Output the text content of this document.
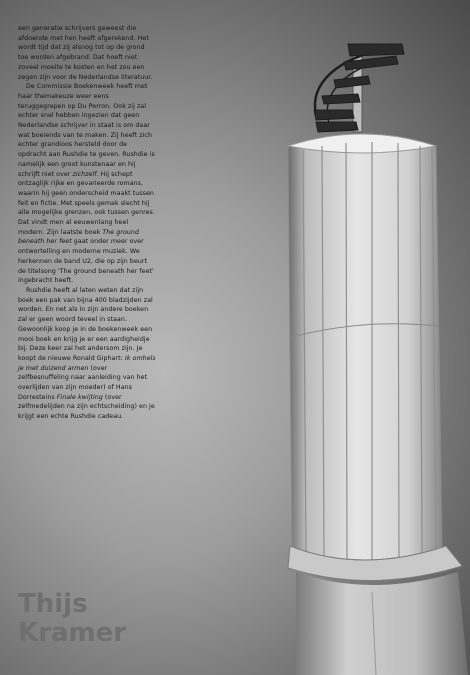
een generatie schrijvers geweest die afdoende met hen heeft afgerekend. Het wordt tijd dat zij alsnog tot op de grond toe worden afgebrand. Dat hoeft niet zoveel moeite te kosten en het zou een zegen zijn voor de Nederlandse literatuur.

De Commissie Boekenweek heeft met haar themakeuze weer eens teruggegrepen op Du Perron. Ook zij zal echter snel hebben ingezien dat geen Nederlandse schrijver in staat is om daar wat boeiends van te maken. Zij heeft zich echter grandioos hersteld door de opdracht aan Rushdie te geven. Rushdie is namelijk een groot kunstenaar en hij schrijft niet over zichzelf. Hij schept ontzaglijk rijke en gevarieerde romans, waarin hij geen onderscheid maakt tussen feit en fictie. Met speels gemak slecht hij alle mogelijke grenzen, ook tussen genres. Dat vindt men al eeuwenlang heel modern. Zijn laatste boek The ground beneath her feet gaat onder meer over ontwortelling en moderne muziek. We herkennen de band U2, die op zijn beurt de titelsong 'The ground beneath her feet' ingebracht heeft.

Rushdie heeft al laten weten dat zijn boek een pak van bijna 400 bladzijden zal worden. En net als in zijn andere boeken zal er geen woord teveel in staan. Gewoonlijk koop je in de boekenweek een mooi boek en krijg je er een aardigheidje bij. Deze keer zal het andersom zijn. Je koopt de nieuwe Ronald Giphart: Ik omhels je met duizend armen (over zelfbesnuffeling naar aanleiding van het overlijden van zijn moeder) of Hans Dorresteins Finale kwijting (over zelfmedelijden na zijn echtscheiding) en je krijgt een echte Rushdie cadeau.

Thijs
Kramer
